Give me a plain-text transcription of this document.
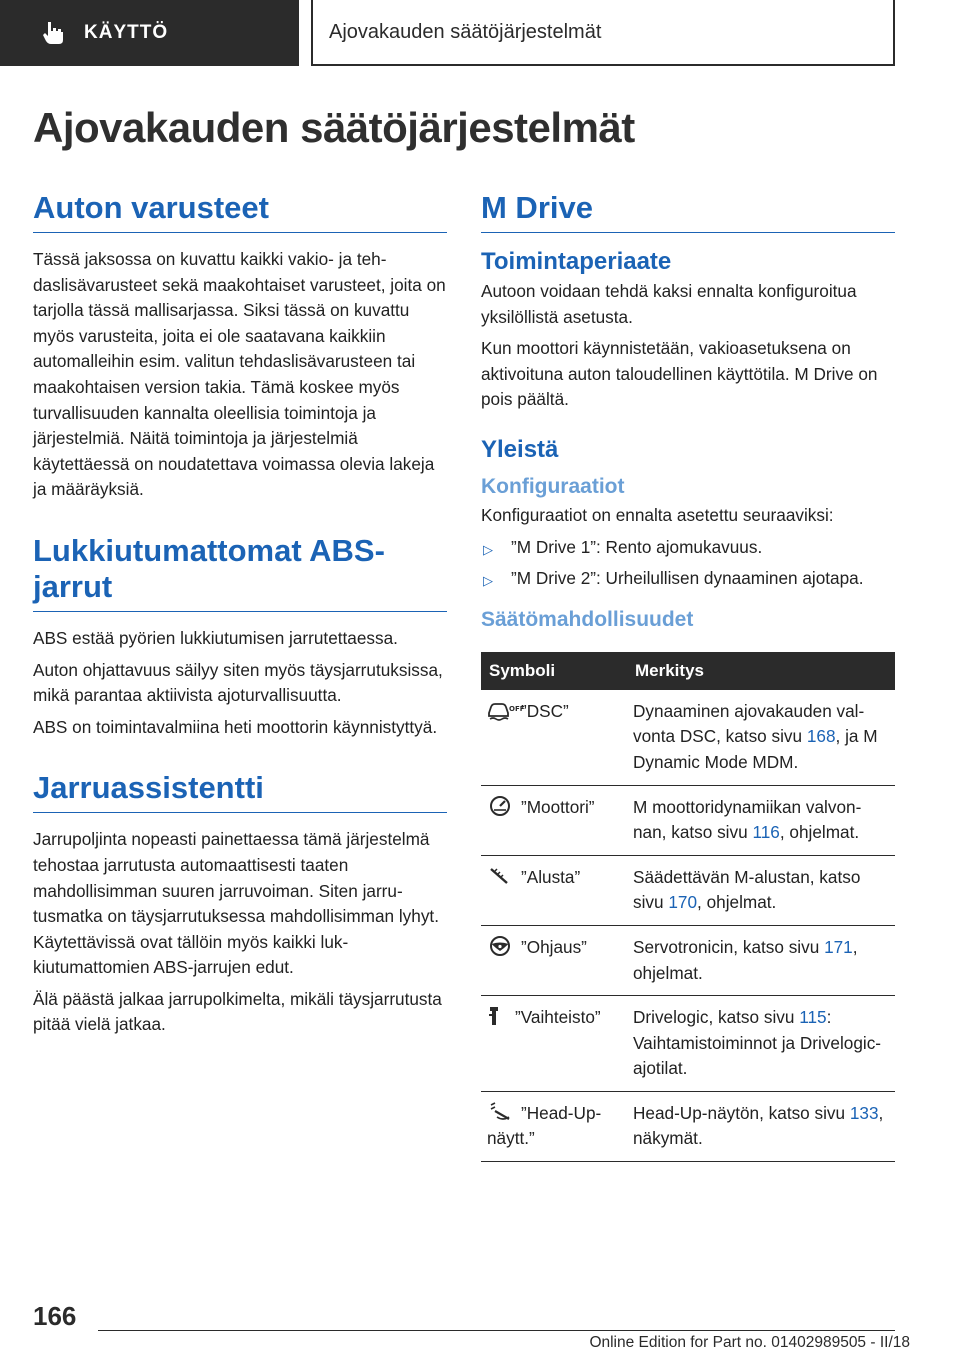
KÄYTTÖ	Ajovakauden säätöjärjestelmät
Ajovakauden säätöjärjestelmät
Auton varusteet

Tässä jaksossa on kuvattu kaikki vakio- ja tehdaslisävarusteet sekä maakohtaiset varusteet, joita on tarjolla tässä mallisarjassa. Siksi tässä on kuvattu myös varusteita, joita ei ole saatavana kaikkiin automalleihin esim. valitun tehdaslisävarusteen tai maakohtaisen version takia. Tämä koskee myös turvallisuuden kannalta oleellisia toimintoja ja järjestelmiä. Näitä toimintoja ja järjestelmiä käytettäessä on noudatettava voimassa olevia lakeja ja määräyksiä.

Lukkiutumattomat ABS-jarrut

ABS estää pyörien lukkiutumisen jarrutettaessa.

Auton ohjattavuus säilyy siten myös täysjarrutuksissa, mikä parantaa aktiivista ajoturvallisuutta.

ABS on toimintavalmiina heti moottorin käynnistyttyä.

Jarruassistentti

Jarrupoljinta nopeasti painettaessa tämä järjestelmä tehostaa jarrutusta automaattisesti taaten mahdollisimman suuren jarruvoiman. Siten jarrutusmatka on täysjarrutuksessa mahdollisimman lyhyt. Käytettävissä ovat tällöin myös kaikki lukkiutumattomien ABS-jarrujen edut.

Älä päästä jalkaa jarrupolkimelta, mikäli täysjarrutusta pitää vielä jatkaa.

M Drive
Toimintaperiaate

Autoon voidaan tehdä kaksi ennalta konfiguroitua yksilöllistä asetusta.

Kun moottori käynnistetään, vakioasetuksena on aktivoituna auton taloudellinen käyttötila. M Drive on pois päältä.

Yleistä
Konfiguraatiot

Konfiguraatiot on ennalta asetettu seuraaviksi:

▷ ”M Drive 1”: Rento ajomukavuus.
▷ ”M Drive 2”: Urheilullisen dynaaminen ajotapa.
Säätömahdollisuudet
Symboli	Merkitys

OFF
”DSC”	Dynaaminen ajovakauden valvonta DSC, katso sivu 168, ja M Dynamic Mode MDM.
”Moottori”	M moottoridynamiikan valvonnan, katso sivu 116, ohjelmat.
”Alusta”	Säädettävän M-alustan, katso sivu 170, ohjelmat.
”Ohjaus”	Servotronicin, katso sivu 171, ohjelmat.
”Vaihteisto”	Drivelogic, katso sivu 115: Vaihtamistoiminnot ja Drivelogic-ajotilat.
”Head-Up-näytt.”	Head-Up-näytön, katso sivu 133, näkymät.
166
Online Edition for Part no. 01402989505 - II/18
